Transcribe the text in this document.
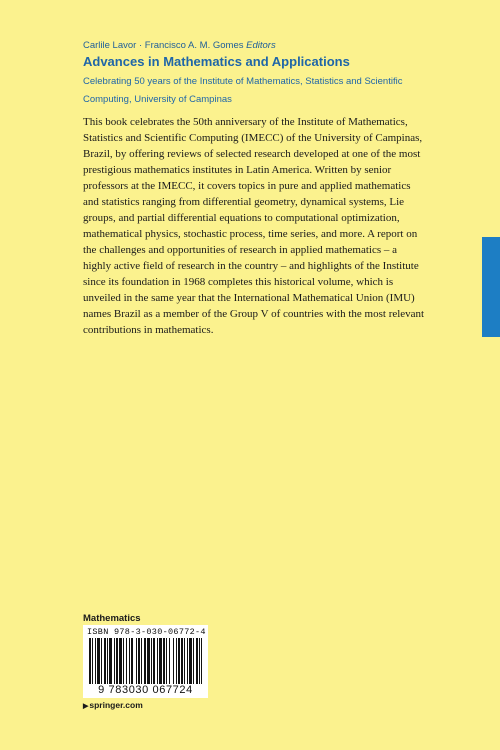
Carlile Lavor · Francisco A. M. Gomes Editors
Advances in Mathematics and Applications
Celebrating 50 years of the Institute of Mathematics, Statistics and Scientific Computing, University of Campinas

This book celebrates the 50th anniversary of the Institute of Mathematics, Statistics and Scientific Computing (IMECC) of the University of Campinas, Brazil, by offering reviews of selected research developed at one of the most prestigious mathematics institutes in Latin America. Written by senior professors at the IMECC, it covers topics in pure and applied mathematics and statistics ranging from differential geometry, dynamical systems, Lie groups, and partial differential equations to computational optimization, mathematical physics, stochastic process, time series, and more. A report on the challenges and opportunities of research in applied mathematics – a highly active field of research in the country – and highlights of the Institute since its foundation in 1968 completes this historical volume, which is unveiled in the same year that the International Mathematical Union (IMU) names Brazil as a member of the Group V of countries with the most relevant contributions in mathematics.

Mathematics
ISBN 978-3-030-06772-4
9 783030 067724
▶springer.com
